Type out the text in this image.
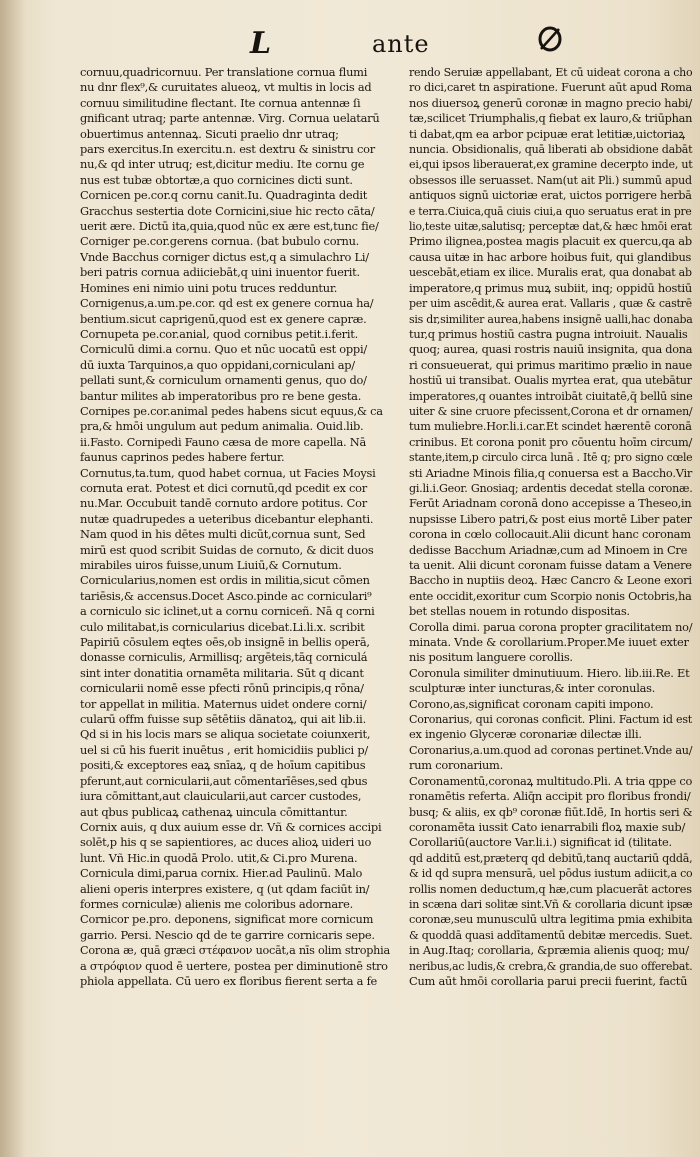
L	ante
cornuu,quadricornuu. Per translatione cornua flumi
nu dnr flex⁹,& curuitates alueoꝝ, vt multis in locis ad
cornuu similitudine flectant. Ite cornua antennæ ſi
gnificant utraq; parte antennæ. Virg. Cornua uelatarū
obuertimus antennaꝝ. Sicuti praelio dnr utraq;
pars exercitus.In exercitu.n. est dextru & sinistru cor
nu,& qd inter utruq; est,dicitur mediu. Ite cornu ge
nus est tubæ obtortæ,a quo cornicines dicti sunt.
Cornicen pe.cor.q cornu canit.Iu. Quadraginta dedit
Gracchus sestertia dote Cornicini,siue hic recto cāta/
uerit ære. Dictū ita,quia,quod nūc ex ære est,tunc fie/
Corniger pe.cor.gerens cornua. (bat bubulo cornu.
Vnde Bacchus corniger dictus est,q a simulachro Li/
beri patris cornua adiiciebāt,q uini inuentor fuerit.
Homines eni nimio uini potu truces redduntur.
Cornigenus,a.um.pe.cor. qd est ex genere cornua ha/
bentium.sicut caprigenū,quod est ex genere capræ.
Cornupeta pe.cor.anial, quod cornibus petit.i.ferit.
Corniculū dimi.a cornu. Quo et nūc uocatū est oppi/
dū iuxta Tarquinos,a quo oppidani,corniculani ap/
pellati sunt,& corniculum ornamenti genus, quo do/
bantur milites ab imperatoribus pro re bene gesta.
Cornipes pe.cor.animal pedes habens sicut equus,& ca
pra,& hmōi ungulum aut pedum animalia. Ouid.lib.
ii.Fasto. Cornipedi Fauno cæsa de more capella. Nā
faunus caprinos pedes habere fertur.
Cornutus,ta.tum, quod habet cornua, ut Facies Moysi
cornuta erat. Potest et dici cornutū,qd pcedit ex cor
nu.Mar. Occubuit tandē cornuto ardore potitus. Cor
nutæ quadrupedes a ueteribus dicebantur elephanti.
Nam quod in his dētes multi dicūt,cornua sunt, Sed
mirū est quod scribit Suidas de cornuto, & dicit duos
mirabiles uiros fuisse,unum Liuiū,& Cornutum.
Cornicularius,nomen est ordis in militia,sicut cōmen
tariēsis,& accensus.Docet Asco.pinde ac corniculari⁹
a corniculo sic iclinet,ut a cornu corniceñ. Nā q corni
culo militabat,is cornicularius dicebat.Li.li.x. scribit
Papiriū cōsulem eqtes oēs,ob insignē in bellis operā,
donasse corniculis, Armillisq; argēteis,tāq corniculá
sint inter donatitia ornamēta militaria. Sūt q dicant
cornicularii nomē esse pfecti rōnū principis,q rōna/
tor appellat in militia. Maternus uidet ondere corni/
cularū offm fuisse sup sētētiis dānatoꝝ, qui ait lib.ii.
Qd si in his locis mars se aliqua societate coiunxerit,
uel si cū his fuerit inuētus , erit homicidiis publici p/
positi,& exceptores eaꝝ snīaꝝ, q de hoīum capitibus
pferunt,aut cornicularii,aut cōmentarīēses,sed qbus
iura cōmittant,aut clauicularii,aut carcer custodes,
aut qbus publicaꝝ cathenaꝝ uincula cōmittantur.
Cornix auis, q dux auium esse dr. Vñ & cornices accipi
solēt,p his q se sapientiores, ac duces alioꝝ uideri uo
lunt. Vñ Hic.in quodā Prolo. utit,& Ci.pro Murena.
Cornicula dimi,parua cornix. Hier.ad Paulinū. Malo
alieni operis interpres existere, q (ut qdam faciūt in/
formes corniculæ) alienis me coloribus adornare.
Cornicor pe.pro. deponens, significat more cornicum
garrio. Persi. Nescio qd de te garrire cornicaris sepe.
Corona æ, quā græci στέφανον uocāt,a nīs olim strophia
a στρόφιον quod ē uertere, postea per diminutionē stro
phiola appellata. Cū uero ex floribus fierent serta a fe
rendo Seruiæ appellabant, Et cū uideat corona a cho
ro dici,caret tn aspiratione. Fuerunt aūt apud Roma
nos diuersoꝝ generū coronæ in magno precio habi/
tæ,scilicet Triumphalis,q fiebat ex lauro,& triūphan
ti dabat,qm ea arbor pcipuæ erat letitiæ,uictoriaꝝ
nuncia. Obsidionalis, quā liberati ab obsidione dabāt
ei,qui ipsos liberauerat,ex gramine decerpto inde, ut
obsessos ille seruasset. Nam(ut ait Pli.) summū apud
antiquos signū uictoriæ erat, uictos porrigere herbā
e terra.Ciuica,quā ciuis ciui,a quo seruatus erat in pre
lio,teste uitæ,salutisq; perceptæ dat,& hæc hmōi erat
Primo ilignea,postea magis placuit ex quercu,qa ab
causa uitæ in hac arbore hoibus fuit, qui glandibus
uescebāt,etiam ex ilice. Muralis erat, qua donabat ab
imperatore,q primus muꝝ subiit, inq; oppidū hostiū
per uim ascēdit,& aurea erat. Vallaris , quæ & castrē
sis dr,similiter aurea,habens insignē ualli,hac donaba
tur,q primus hostiū castra pugna introiuit. Naualis
quoq; aurea, quasi rostris nauiū insignita, qua dona
ri consueuerat, qui primus maritimo prælio in naue
hostiū ui transibat. Oualis myrtea erat, qua utebātur
imperatores,q ouantes introibāt ciuitatē,q̄ bellū sine
uiter & sine cruore pfecissent,Corona et dr ornamen/
tum muliebre.Hor.li.i.car.Et scindet hærentē coronā
crinibus. Et corona ponit pro cōuentu hoīm circum/
stante,item,p circulo circa lunā . Itē q; pro signo cœle
sti Ariadne Minois filia,q conuersa est a Baccho.Vir
gi.li.i.Geor. Gnosiaq; ardentis decedat stella coronæ.
Ferūt Ariadnam coronā dono accepisse a Theseo,in
nupsisse Libero patri,& post eius mortē Liber pater
corona in cœlo collocauit.Alii dicunt hanc coronam
dedisse Bacchum Ariadnæ,cum ad Minoem in Cre
ta uenit. Alii dicunt coronam fuisse datam a Venere
Baccho in nuptiis deoꝝ. Hæc Cancro & Leone exori
ente occidit,exoritur cum Scorpio nonis Octobris,ha
bet stellas nouem in rotundo dispositas.
Corolla dimi. parua corona propter gracilitatem no/
minata. Vnde & corollarium.Proper.Me iuuet exter
nis positum languere corollis.
Coronula similiter dminutiuum. Hiero. lib.iii.Re. Et
sculpturæ inter iuncturas,& inter coronulas.
Corono,as,significat coronam capiti impono.
Coronarius, qui coronas conficit. Plini. Factum id est
ex ingenio Glyceræ coronariæ dilectæ illi.
Coronarius,a.um.quod ad coronas pertinet.Vnde au/
rum coronarium.
Coronamentū,coronaꝝ multitudo.Pli. A tria qppe co
ronamētis referta. Aliq̄n accipit pro floribus frondi/
busq; & aliis, ex qb⁹ coronæ fiūt.Idē, In hortis seri &
coronamēta iussit Cato ienarrabili floꝝ maxie sub/
Corollariū(auctore Var.li.i.) significat id (tilitate.
qd additū est,præterq qd debitū,tanq auctariū qddā,
& id qd supra mensurā, uel pōdus iustum adiicit,a co
rollis nomen deductum,q hæ,cum placuerāt actores
in scæna dari solitæ sint.Vñ & corollaria dicunt ipsæ
coronæ,seu munusculū ultra legitima pmia exhibita
& quoddā quasi addītamentū debitæ mercedis. Suet.
in Aug.Itaq; corollaria, &præmia alienis quoq; mu/
neribus,ac ludis,& crebra,& grandia,de suo offerebat.
Cum aūt hmōi corollaria parui precii fuerint, factū
